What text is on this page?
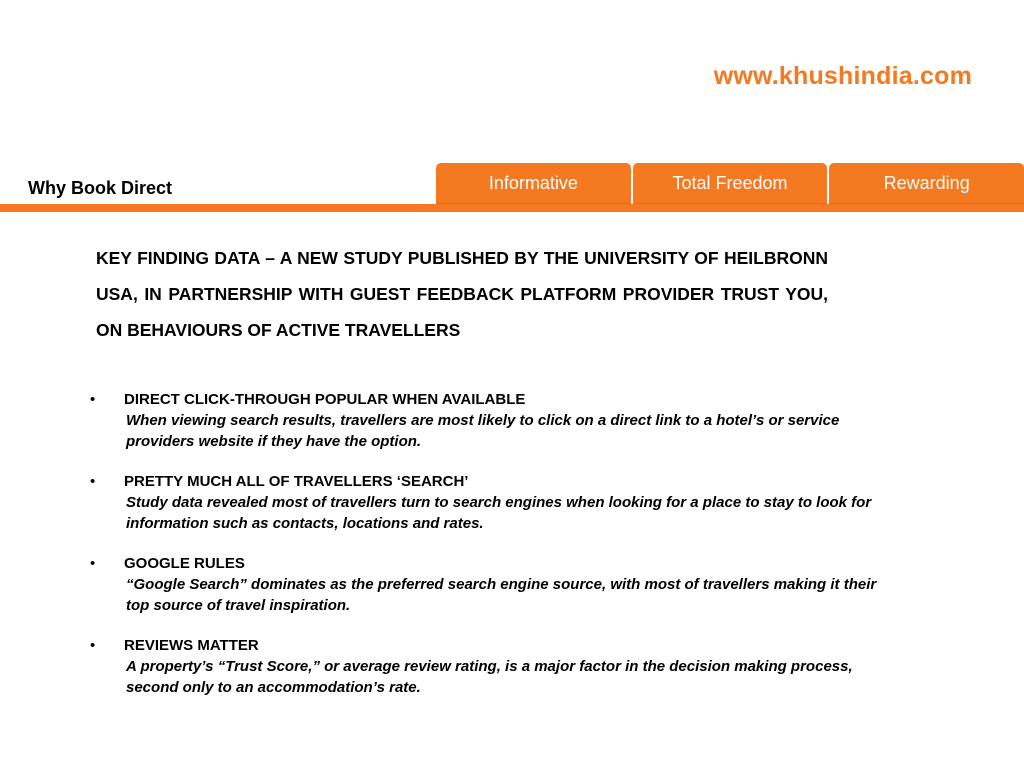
www.khushindia.com
Why Book Direct	Informative	Total Freedom	Rewarding
KEY FINDING DATA – A NEW STUDY PUBLISHED BY THE UNIVERSITY OF HEILBRONN USA, IN PARTNERSHIP WITH GUEST FEEDBACK PLATFORM PROVIDER TRUST YOU, ON BEHAVIOURS OF ACTIVE TRAVELLERS
• DIRECT CLICK-THROUGH POPULAR WHEN AVAILABLE
When viewing search results, travellers are most likely to click on a direct link to a hotel’s or service providers website if they have the option.
• PRETTY MUCH ALL OF TRAVELLERS ‘SEARCH’
Study data revealed most of travellers turn to search engines when looking for a place to stay to look for information such as contacts, locations and rates.
• GOOGLE RULES
“Google Search” dominates as the preferred search engine source, with most of travellers making it their top source of travel inspiration.
• REVIEWS MATTER
A property’s “Trust Score,” or average review rating, is a major factor in the decision making process, second only to an accommodation’s rate.
